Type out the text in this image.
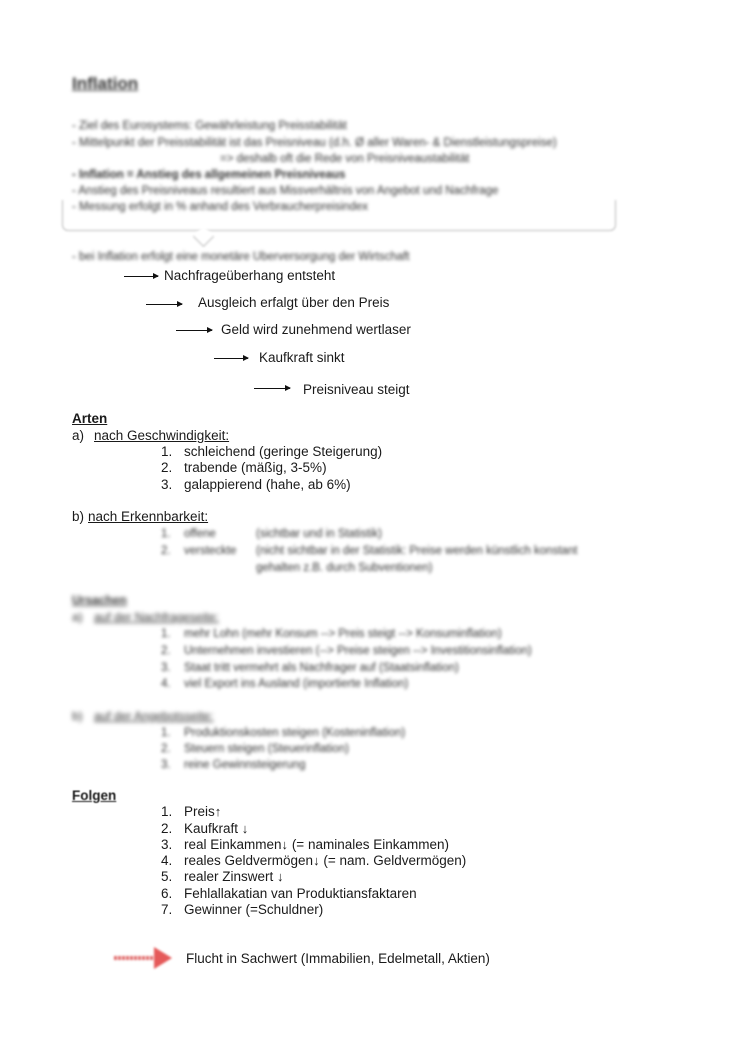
Inflation
- Ziel des Eurosystems: Gewährleistung Preisstabilität
- Mittelpunkt der Preisstabilität ist das Preisniveau (d.h. Ø aller Waren- & Dienstleistungspreise)
=> deshalb oft die Rede von Preisniveaustabilität
- Inflation = Anstieg des allgemeinen Preisniveaus
- Anstieg des Preisniveaus resultiert aus Missverhältnis von Angebot und Nachfrage
- Messung erfolgt in % anhand des Verbraucherpreisindex
- bei Inflation erfolgt eine monetäre Überversorgung der Wirtschaft
Nachfrageüberhang entsteht
Ausgleich erfalgt über den Preis
Geld wird zunehmend wertlaser
Kaufkraft sinkt
Preisniveau steigt
Arten
a) nach Geschwindigkeit:
1. schleichend (geringe Steigerung)
2. trabende (mäßig, 3-5%)
3. galappierend (hahe, ab 6%)
b) nach Erkennbarkeit:
1. offene	(sichtbar und in Statistik)
2. versteckte (nicht sichtbar in der Statistik: Preise werden künstlich konstant
gehalten z.B. durch Subventionen)
Ursachen
a) auf der Nachfrageseite:
1. mehr Lohn (mehr Konsum --> Preis steigt --> Konsuminflation)
2. Unternehmen investieren (--> Preise steigen --> Investitionsinflation)
3. Staat tritt vermehrt als Nachfrager auf (Staatsinflation)
4. viel Export ins Ausland (importierte Inflation)
b) auf der Angebotsseite:
1. Produktionskosten steigen (Kosteninflation)
2. Steuern steigen (Steuerinflation)
3. reine Gewinnsteigerung
Folgen
1. Preis↑
2. Kaufkraft ↓
3. real Einkammen↓ (= naminales Einkammen)
4. reales Geldvermögen↓ (= nam. Geldvermögen)
5. realer Zinswert ↓
6. Fehlallakatian van Produktiansfaktaren
7. Gewinner (=Schuldner)
Flucht in Sachwert (Immabilien, Edelmetall, Aktien)
